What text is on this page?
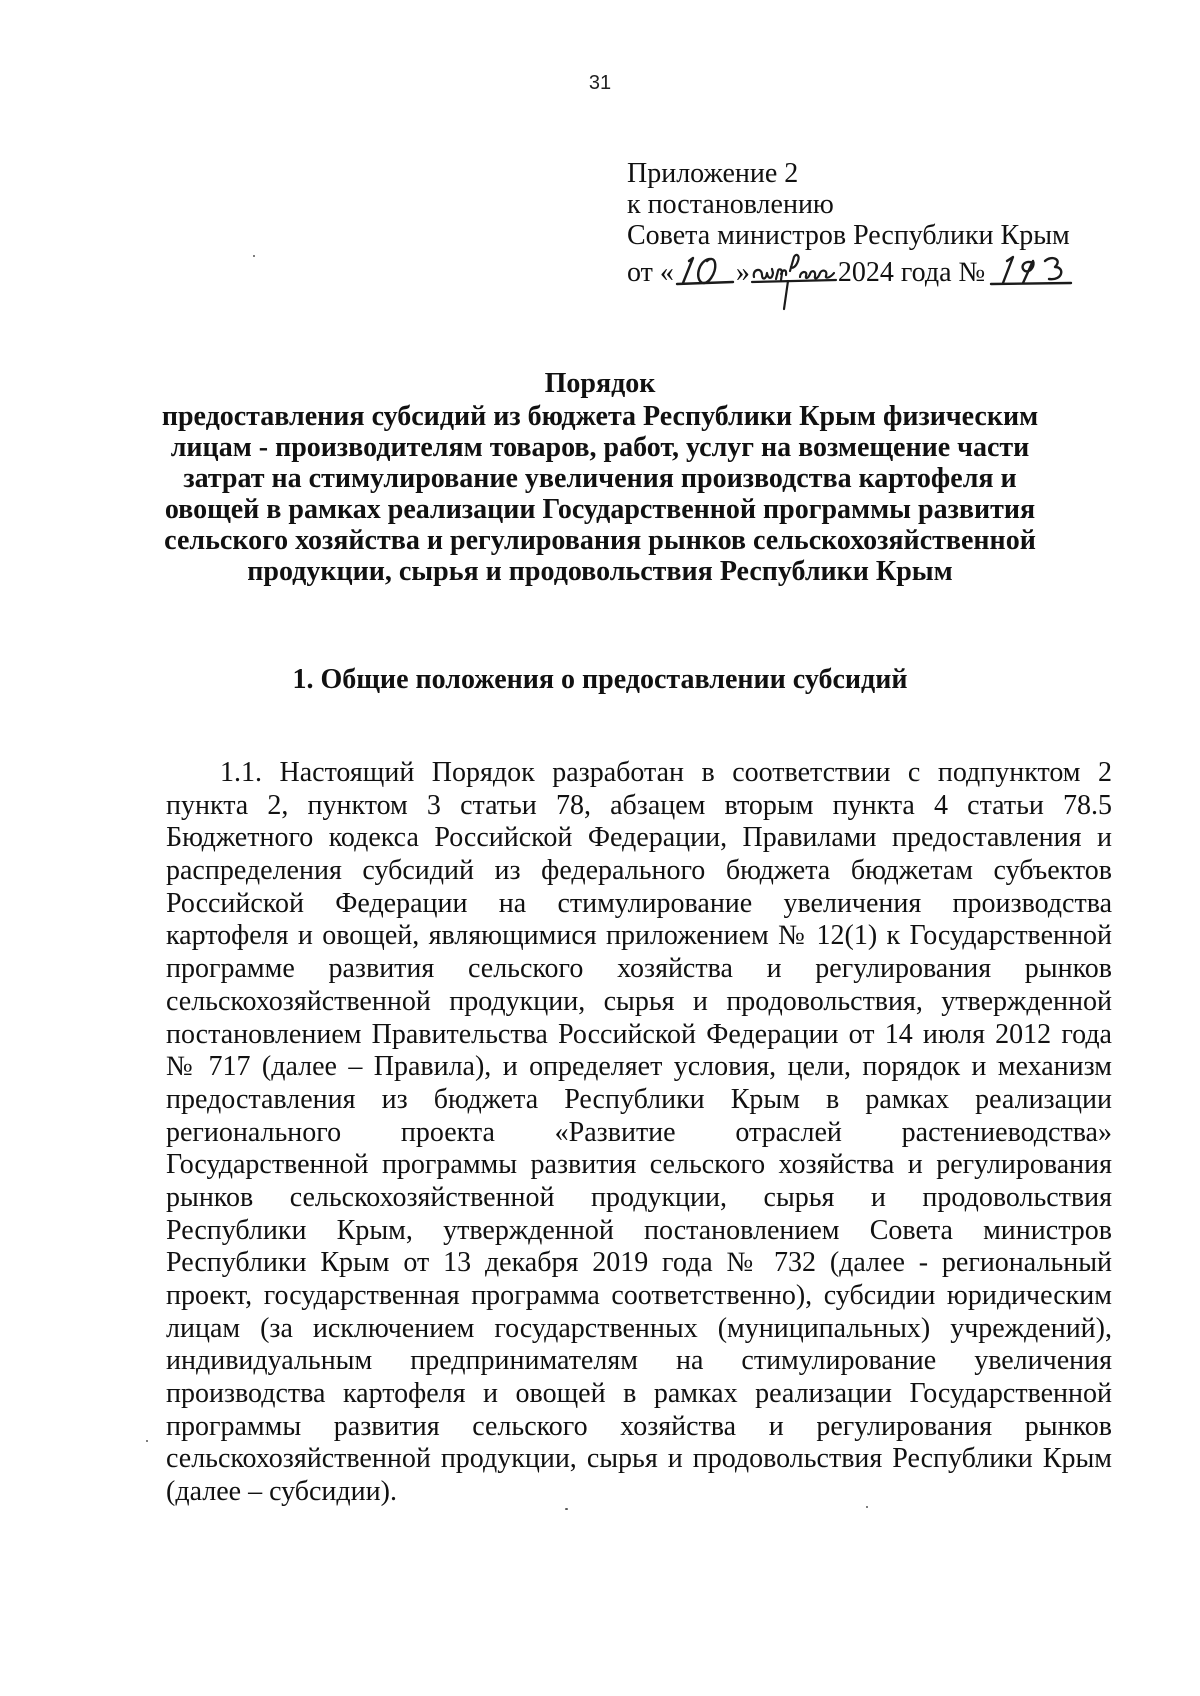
31
Приложение 2
к постановлению
Совета министров Республики Крым
от « »	2024 года №
Порядок
предоставления субсидий из бюджета Республики Крым физическим
лицам - производителям товаров, работ, услуг на возмещение части
затрат на стимулирование увеличения производства картофеля и
овощей в рамках реализации Государственной программы развития
сельского хозяйства и регулирования рынков сельскохозяйственной
продукции, сырья и продовольствия Республики Крым
1. Общие положения о предоставлении субсидий
1.1. Настоящий Порядок разработан в соответствии с подпунктом 2
пункта 2, пунктом 3 статьи 78, абзацем вторым пункта 4 статьи 78.5
Бюджетного кодекса Российской Федерации, Правилами предоставления и
распределения субсидий из федерального бюджета бюджетам субъектов
Российской Федерации на стимулирование увеличения производства
картофеля и овощей, являющимися приложением № 12(1) к Государственной
программе развития сельского хозяйства и регулирования рынков
сельскохозяйственной продукции, сырья и продовольствия, утвержденной
постановлением Правительства Российской Федерации от 14 июля 2012 года
№ 717 (далее – Правила), и определяет условия, цели, порядок и механизм
предоставления из бюджета Республики Крым в рамках реализации
регионального проекта «Развитие отраслей растениеводства»
Государственной программы развития сельского хозяйства и регулирования
рынков сельскохозяйственной продукции, сырья и продовольствия
Республики Крым, утвержденной постановлением Совета министров
Республики Крым от 13 декабря 2019 года № 732 (далее - региональный
проект, государственная программа соответственно), субсидии юридическим
лицам (за исключением государственных (муниципальных) учреждений),
индивидуальным предпринимателям на стимулирование увеличения
производства картофеля и овощей в рамках реализации Государственной
программы развития сельского хозяйства и регулирования рынков
сельскохозяйственной продукции, сырья и продовольствия Республики Крым
(далее – субсидии).
